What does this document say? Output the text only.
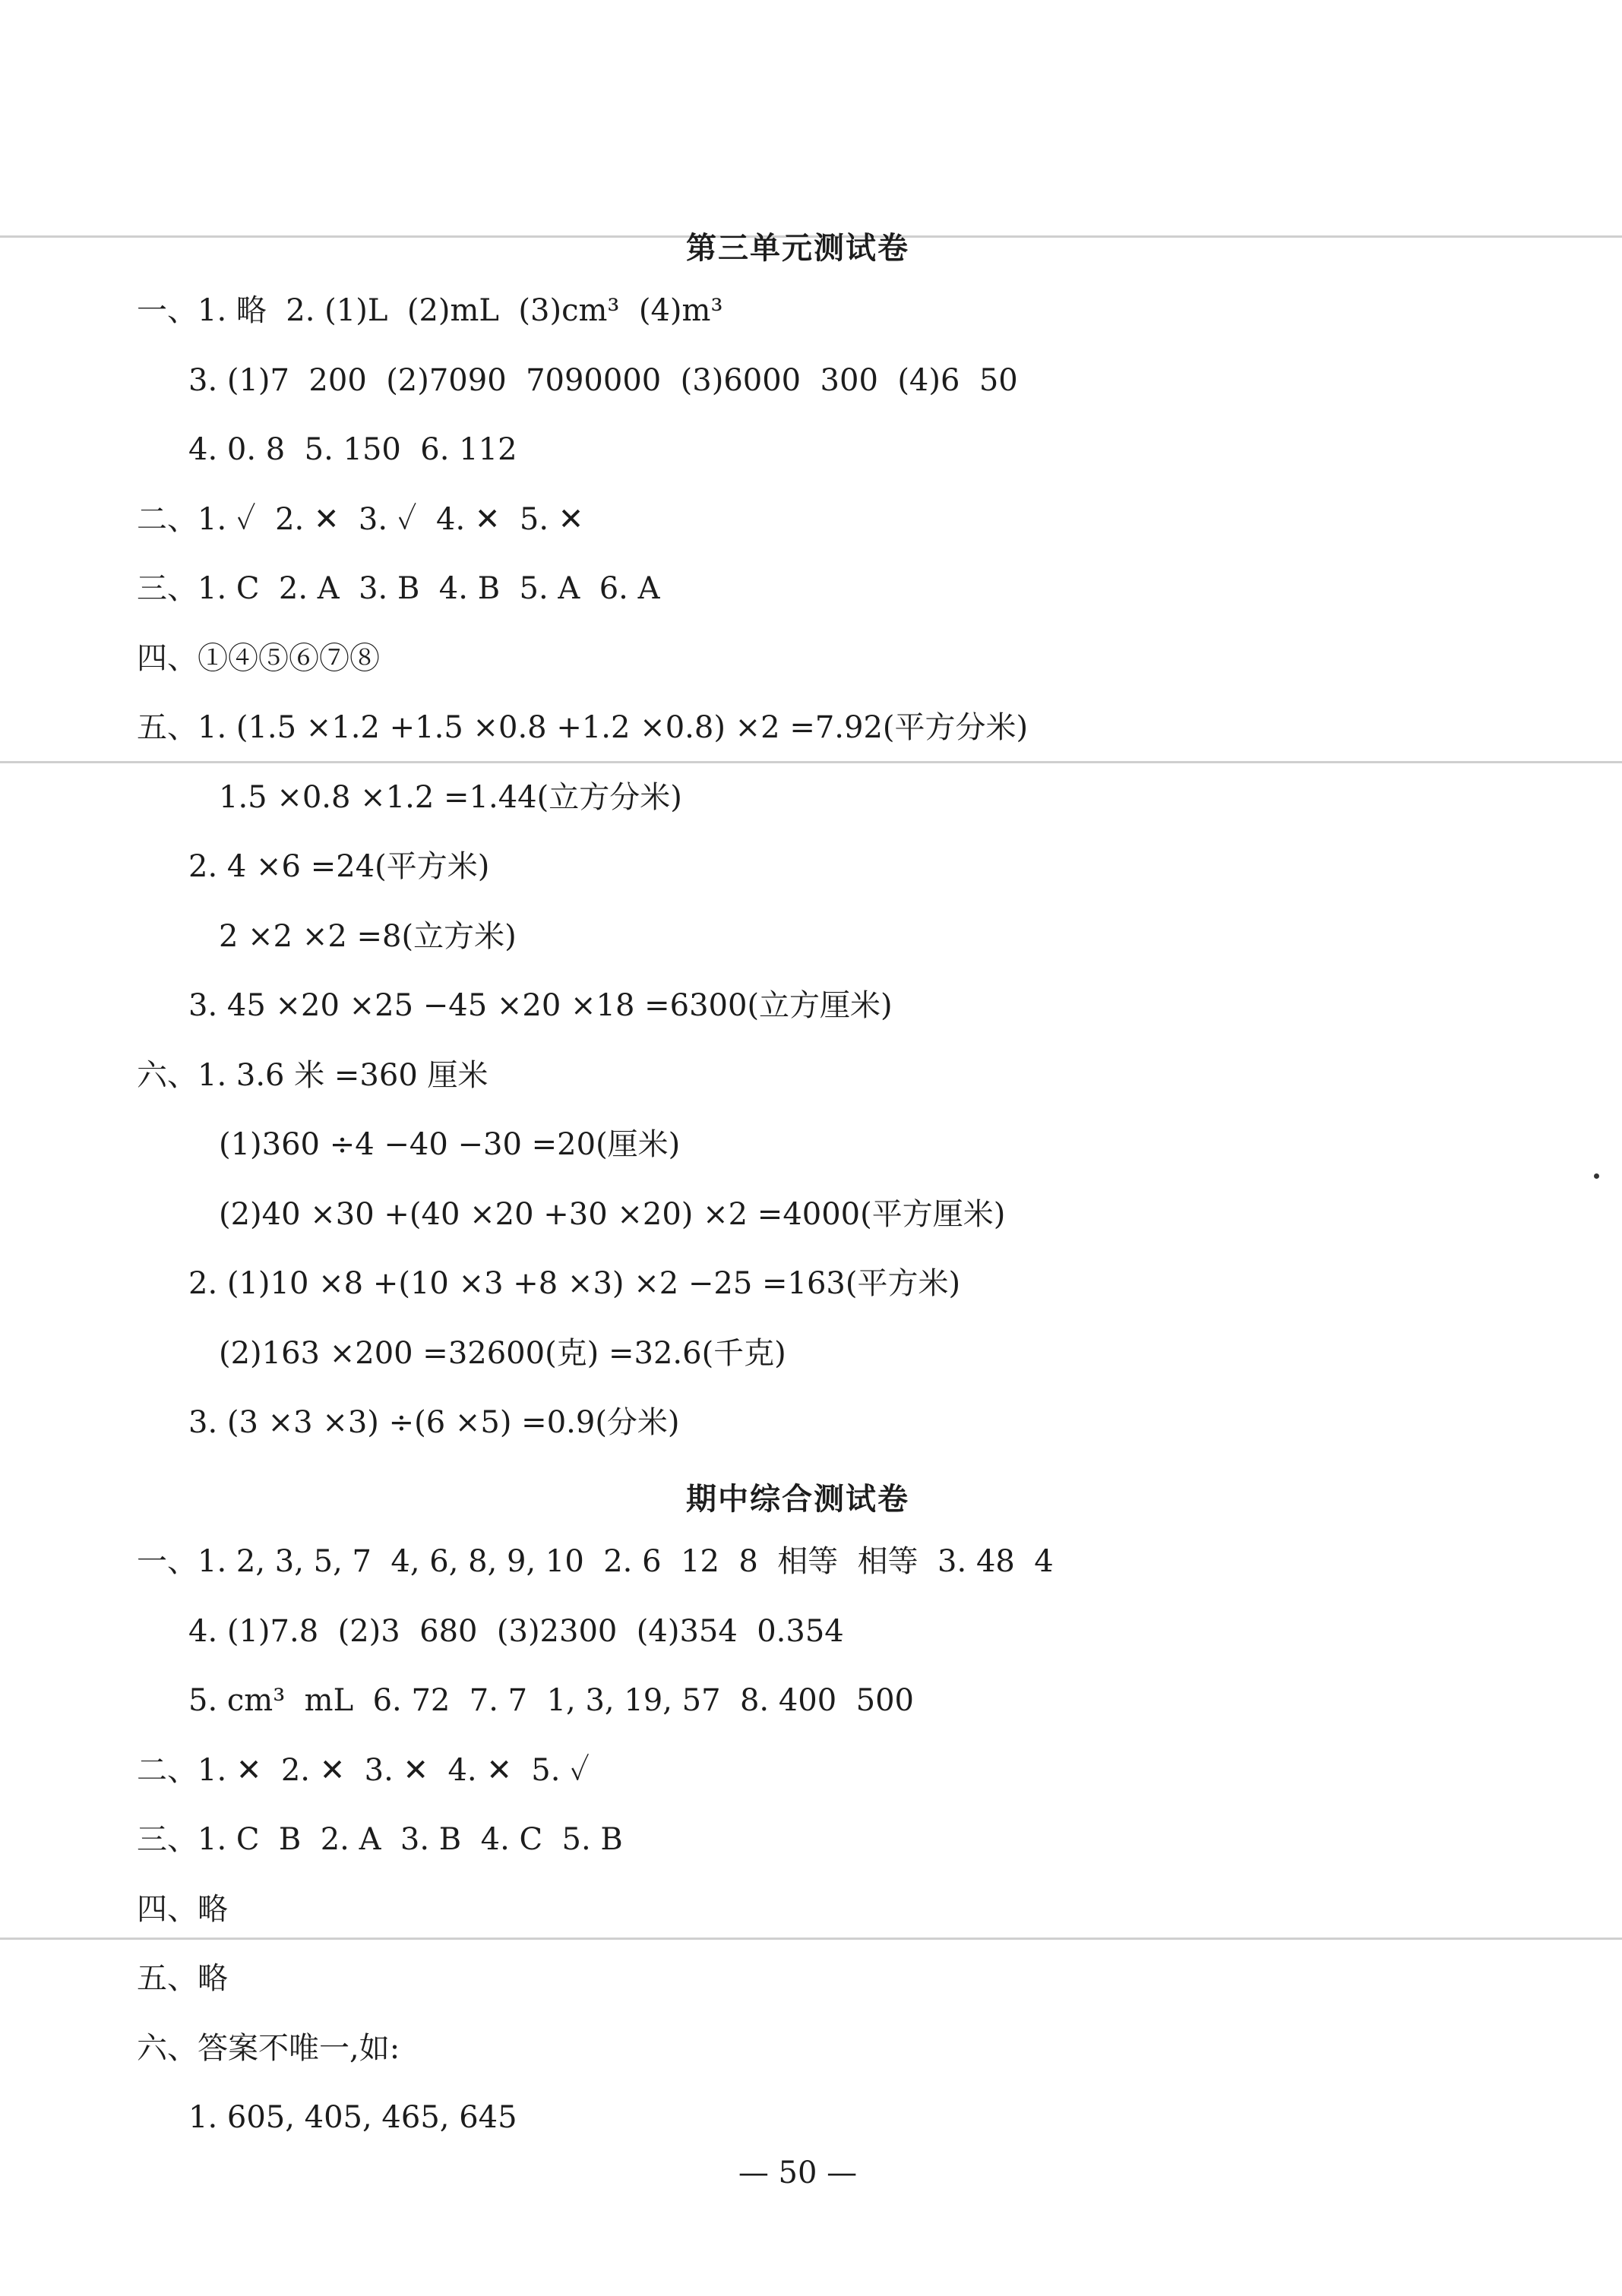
第三单元测试卷
一、1. 略  2. (1)L  (2)mL  (3)cm³  (4)m³
3. (1)7  200  (2)7090  7090000  (3)6000  300  (4)6  50
4. 0. 8  5. 150  6. 112
二、1. ✓  2. ✕  3. ✓  4. ✕  5. ✕
三、1. C  2. A  3. B  4. B  5. A  6. A
四、①④⑤⑥⑦⑧
五、1. (1.5 ×1.2 +1.5 ×0.8 +1.2 ×0.8) ×2 =7.92(平方分米)
1.5 ×0.8 ×1.2 =1.44(立方分米)
2. 4 ×6 =24(平方米)
2 ×2 ×2 =8(立方米)
3. 45 ×20 ×25 −45 ×20 ×18 =6300(立方厘米)
六、1. 3.6 米 =360 厘米
(1)360 ÷4 −40 −30 =20(厘米)
(2)40 ×30 +(40 ×20 +30 ×20) ×2 =4000(平方厘米)
2. (1)10 ×8 +(10 ×3 +8 ×3) ×2 −25 =163(平方米)
(2)163 ×200 =32600(克) =32.6(千克)
3. (3 ×3 ×3) ÷(6 ×5) =0.9(分米)
期中综合测试卷
一、1. 2, 3, 5, 7  4, 6, 8, 9, 10  2. 6  12  8  相等  相等  3. 48  4
4. (1)7.8  (2)3  680  (3)2300  (4)354  0.354
5. cm³  mL  6. 72  7. 7  1, 3, 19, 57  8. 400  500
二、1. ✕  2. ✕  3. ✕  4. ✕  5. ✓
三、1. C  B  2. A  3. B  4. C  5. B
四、略
五、略
六、答案不唯一,如:
1. 605, 405, 465, 645
— 50 —
